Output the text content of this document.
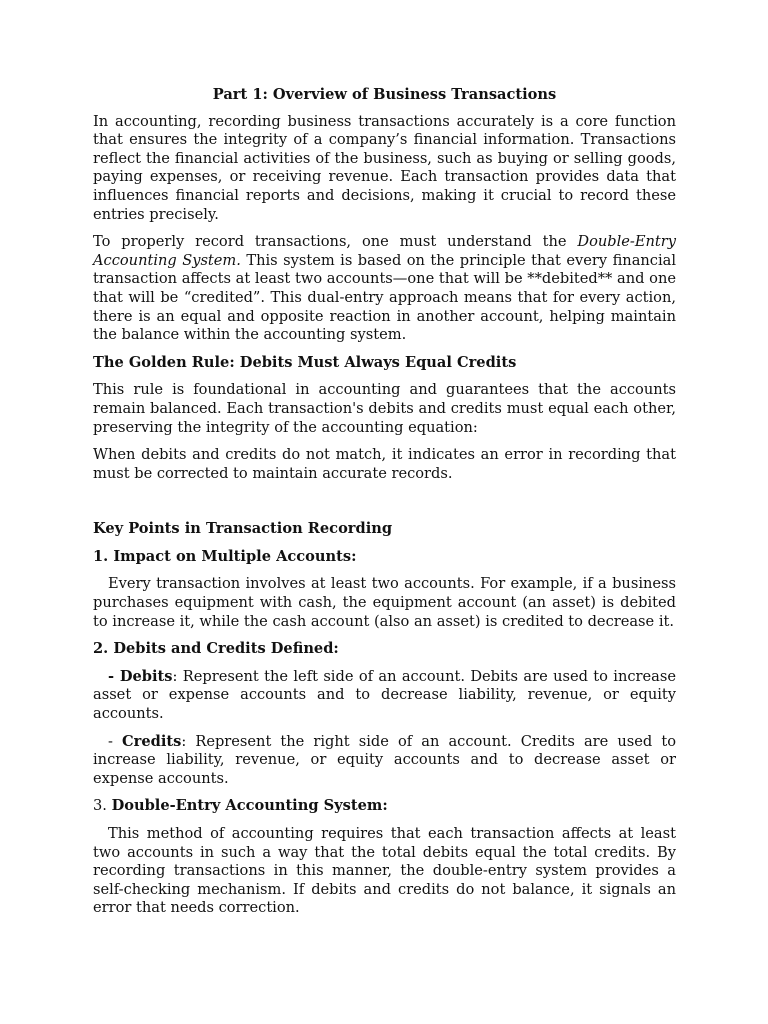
Part 1: Overview of Business Transactions

In accounting, recording business transactions accurately is a core function that ensures the integrity of a company’s financial information. Transactions reflect the financial activities of the business, such as buying or selling goods, paying expenses, or receiving revenue. Each transaction provides data that influences financial reports and decisions, making it crucial to record these entries precisely.

To properly record transactions, one must understand the Double-Entry Accounting System. This system is based on the principle that every financial transaction affects at least two accounts—one that will be **debited** and one that will be “credited”. This dual-entry approach means that for every action, there is an equal and opposite reaction in another account, helping maintain the balance within the accounting system.

The Golden Rule: Debits Must Always Equal Credits

This rule is foundational in accounting and guarantees that the accounts remain balanced. Each transaction's debits and credits must equal each other, preserving the integrity of the accounting equation:

When debits and credits do not match, it indicates an error in recording that must be corrected to maintain accurate records.

Key Points in Transaction Recording
1. Impact on Multiple Accounts:

Every transaction involves at least two accounts. For example, if a business purchases equipment with cash, the equipment account (an asset) is debited to increase it, while the cash account (also an asset) is credited to decrease it.

2. Debits and Credits Defined:

- Debits: Represent the left side of an account. Debits are used to increase asset or expense accounts and to decrease liability, revenue, or equity accounts.

- Credits: Represent the right side of an account. Credits are used to increase liability, revenue, or equity accounts and to decrease asset or expense accounts.

3. Double-Entry Accounting System:

This method of accounting requires that each transaction affects at least two accounts in such a way that the total debits equal the total credits. By recording transactions in this manner, the double-entry system provides a self-checking mechanism. If debits and credits do not balance, it signals an error that needs correction.
